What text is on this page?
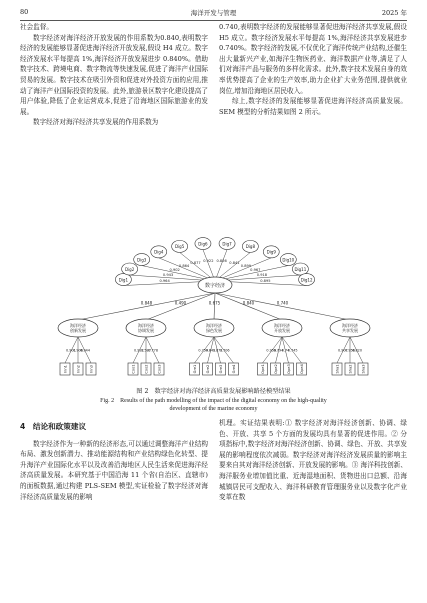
80	海洋开发与管理	2025 年

社会监督。

数字经济对海洋经济开放发展的作用系数为0.840,表明数字经济的发展能够显著促进海洋经济开放发展,假设 H4 成立。数字经济发展水平每提高 1%,海洋经济开放发展进步 0.840%。借助数字技术、跨境电商、数字物流等快速发展,促进了海洋产业国际贸易的发展。数字技术在吸引外资和促进对外投资方面的应用,推动了海洋产业国际投资的发展。此外,旅游景区数字化建设提高了用户体验,降低了企业运营成本,促进了沿海地区国际旅游业的发展。

数字经济对海洋经济共享发展的作用系数为

0.740,表明数字经济的发展能够显著促进海洋经济共享发展,假设 H5 成立。数字经济发展水平每提高 1%,海洋经济共享发展进步 0.740%。数字经济的发展,不仅优化了海洋传统产业结构,还催生出大量新兴产业,如海洋生物医药业、海洋数据产业等,满足了人们对海洋产品与服务的多样化需求。此外,数字技术发展自身的效率优势提高了企业的生产效率,助力企业扩大业务范围,提供就业岗位,增加沿海地区居民收入。

综上,数字经济的发展能够显著促进海洋经济高质量发展。SEM 模型的分析结果如图 2 所示。

Dig1	0.964
Dig2
0.943
Dig3
0.902
Dig4
0.864
Dig5
0.877
Dig6
0.922
Dig7
0.856
Dig8
0.841
Dig9
0.899
Dig10
0.967	Dig11
0.918
Dig12
0.895
数字经济
0.848
海洋经济
创新发展
Inn1
0.901
Inn2
0.906
Inn3
0.944
0.490
海洋经济
协调发展
Coo1
0.922
Coo2
0.587
Coo3
0.778
0.675
海洋经济
绿色发展
Gre1
0.754
Gre2
0.841
Gre3
0.872
Gre4
0.706
0.840
海洋经济
开放发展
Ope1
0.956
Ope2
0.794
Ope3
0.74
Ope4
0.745
0.740
海洋经济
共享发展
Sha1
0.907
Sha2
0.956
Sha3
0.820
图 2　数字经济对海洋经济高质量发展影响路径模型结果
Fig. 2　Results of the path modelling of the impact of the digital economy on the high-quality
development of the marine economy
4　结论和政策建议

数字经济作为一种新的经济形态,可以通过调整海洋产业结构布局、激发创新潜力、推动能源结构和产业结构绿色化转型、提升海洋产业国际化水平以及改善沿海地区人民生活来促进海洋经济高质量发展。本研究基于中国沿海 11 个省(自治区、直辖市)的面板数据,通过构建 PLS-SEM 模型,实证检验了数字经济对海洋经济高质量发展的影响

机理。实证结果表明:① 数字经济对海洋经济创新、协调、绿色、开放、共享 5 个方面的发展均具有显著的促进作用。② 分项指标中,数字经济对海洋经济创新、协调、绿色、开放、共享发展的影响程度依次减弱。数字经济对海洋经济发展质量的影响主要来自其对海洋经济创新、开放发展的影响。③ 海洋科技创新、海洋服务业增加值比重、近海湿地面积、货物进出口总额、沿海城镇居民可支配收入、海洋科研教育管理服务业以及数字化产业变革在数
